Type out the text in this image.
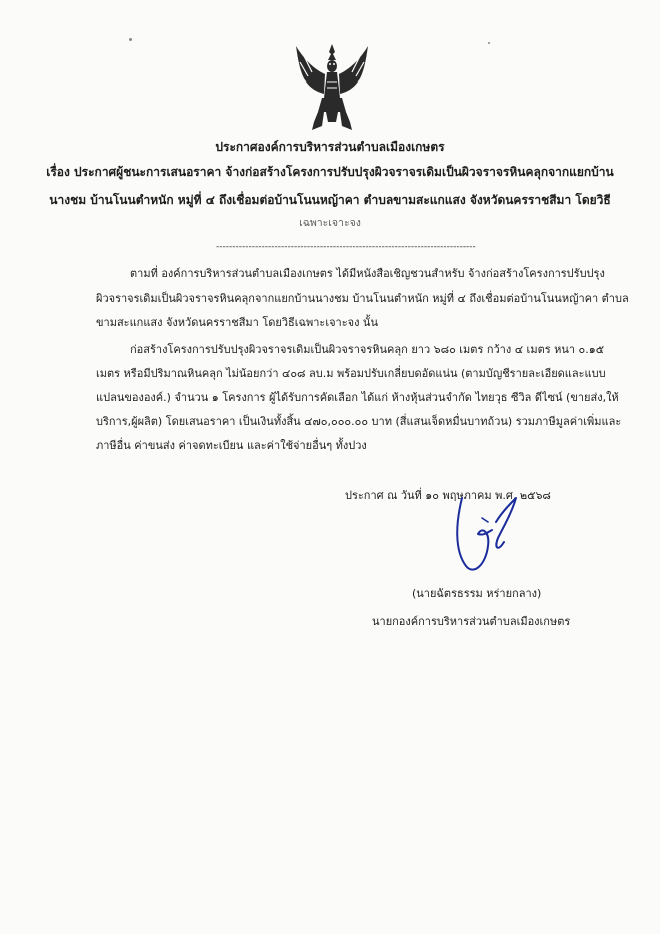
ประกาศองค์การบริหารส่วนตำบลเมืองเกษตร
เรื่อง ประกาศผู้ชนะการเสนอราคา จ้างก่อสร้างโครงการปรับปรุงผิวจราจรเดิมเป็นผิวจราจรหินคลุกจากแยกบ้าน
นางชม บ้านโนนตำหนัก หมู่ที่ ๔ ถึงเชื่อมต่อบ้านโนนหญ้าคา ตำบลขามสะแกแสง จังหวัดนครราชสีมา โดยวิธี
เฉพาะเจาะจง
--------------------------------------------------------------------------------
ตามที่ องค์การบริหารส่วนตำบลเมืองเกษตร ได้มีหนังสือเชิญชวนสำหรับ จ้างก่อสร้างโครงการปรับปรุง
ผิวจราจรเดิมเป็นผิวจราจรหินคลุกจากแยกบ้านนางชม บ้านโนนตำหนัก หมู่ที่ ๔ ถึงเชื่อมต่อบ้านโนนหญ้าคา ตำบล
ขามสะแกแสง จังหวัดนครราชสีมา โดยวิธีเฉพาะเจาะจง นั้น
ก่อสร้างโครงการปรับปรุงผิวจราจรเดิมเป็นผิวจราจรหินคลุก ยาว ๖๘๐ เมตร กว้าง ๔ เมตร หนา ๐.๑๕
เมตร หรือมีปริมาณหินคลุก ไม่น้อยกว่า ๔๐๘ ลบ.ม พร้อมปรับเกลี่ยบดอัดแน่น (ตามบัญชีรายละเอียดและแบบ
แปลนขององค์.) จำนวน ๑ โครงการ ผู้ได้รับการคัดเลือก ได้แก่ ห้างหุ้นส่วนจำกัด ไทยวุธ ซีวิล ดีไซน์ (ขายส่ง,ให้
บริการ,ผู้ผลิต) โดยเสนอราคา เป็นเงินทั้งสิ้น ๔๗๐,๐๐๐.๐๐ บาท (สี่แสนเจ็ดหมื่นบาทถ้วน) รวมภาษีมูลค่าเพิ่มและ
ภาษีอื่น ค่าขนส่ง ค่าจดทะเบียน และค่าใช้จ่ายอื่นๆ ทั้งปวง
ประกาศ ณ วันที่ ๑๐ พฤษภาคม พ.ศ. ๒๕๖๘
(นายฉัตรธรรม หร่ายกลาง)
นายกองค์การบริหารส่วนตำบลเมืองเกษตร
